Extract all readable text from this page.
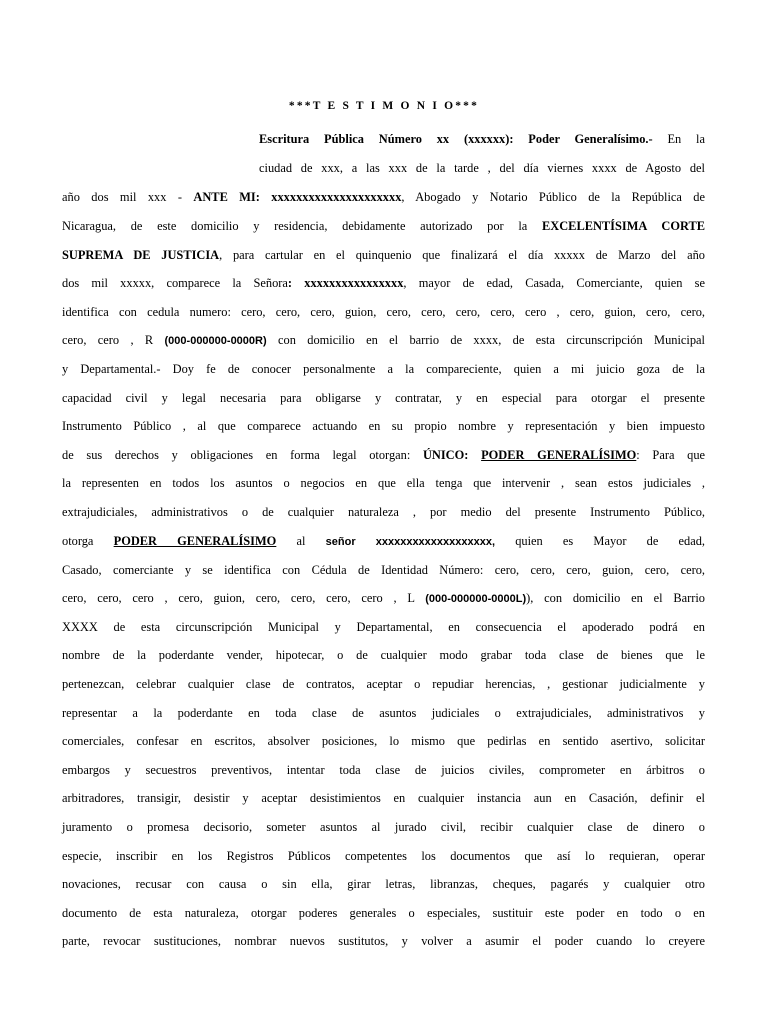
***T E S T I M O N I O***
Escritura Pública Número xx (xxxxxx): Poder Generalísimo.- En la
ciudad de xxx, a las xxx de la tarde , del día viernes xxxx de Agosto del
año dos mil xxx - ANTE MI: xxxxxxxxxxxxxxxxxxxxx, Abogado y Notario Público de la República de
Nicaragua, de este domicilio y residencia, debidamente autorizado por la EXCELENTÍSIMA CORTE
SUPREMA DE JUSTICIA, para cartular en el quinquenio que finalizará el día xxxxx de Marzo del año
dos mil xxxxx, comparece la Señora: xxxxxxxxxxxxxxxx, mayor de edad, Casada, Comerciante, quien se
identifica con cedula numero: cero, cero, cero, guion, cero, cero, cero, cero, cero , cero, guion, cero, cero,
cero, cero , R (000-000000-0000R) con domicilio en el barrio de xxxx, de esta circunscripción Municipal
y Departamental.- Doy fe de conocer personalmente a la compareciente, quien a mi juicio goza de la
capacidad civil y legal necesaria para obligarse y contratar, y en especial para otorgar el presente
Instrumento Público , al que comparece actuando en su propio nombre y representación y bien impuesto
de sus derechos y obligaciones en forma legal otorgan: ÚNICO: PODER GENERALÍSIMO: Para que
la representen en todos los asuntos o negocios en que ella tenga que intervenir , sean estos judiciales ,
extrajudiciales, administrativos o de cualquier naturaleza , por medio del presente Instrumento Público,
otorga PODER GENERALÍSIMO al señor xxxxxxxxxxxxxxxxxxx, quien es Mayor de edad,
Casado, comerciante y se identifica con Cédula de Identidad Número: cero, cero, cero, guion, cero, cero,
cero, cero, cero , cero, guion, cero, cero, cero, cero , L (000-000000-0000L)), con domicilio en el Barrio
XXXX de esta circunscripción Municipal y Departamental, en consecuencia el apoderado podrá en
nombre de la poderdante vender, hipotecar, o de cualquier modo grabar toda clase de bienes que le
pertenezcan, celebrar cualquier clase de contratos, aceptar o repudiar herencias, , gestionar judicialmente y
representar a la poderdante en toda clase de asuntos judiciales o extrajudiciales, administrativos y
comerciales, confesar en escritos, absolver posiciones, lo mismo que pedirlas en sentido asertivo, solicitar
embargos y secuestros preventivos, intentar toda clase de juicios civiles, comprometer en árbitros o
arbitradores, transigir, desistir y aceptar desistimientos en cualquier instancia aun en Casación, definir el
juramento o promesa decisorio, someter asuntos al jurado civil, recibir cualquier clase de dinero o
especie, inscribir en los Registros Públicos competentes los documentos que así lo requieran, operar
novaciones, recusar con causa o sin ella, girar letras, libranzas, cheques, pagarés y cualquier otro
documento de esta naturaleza, otorgar poderes generales o especiales, sustituir este poder en todo o en
parte, revocar sustituciones, nombrar nuevos sustitutos, y volver a asumir el poder cuando lo creyere
